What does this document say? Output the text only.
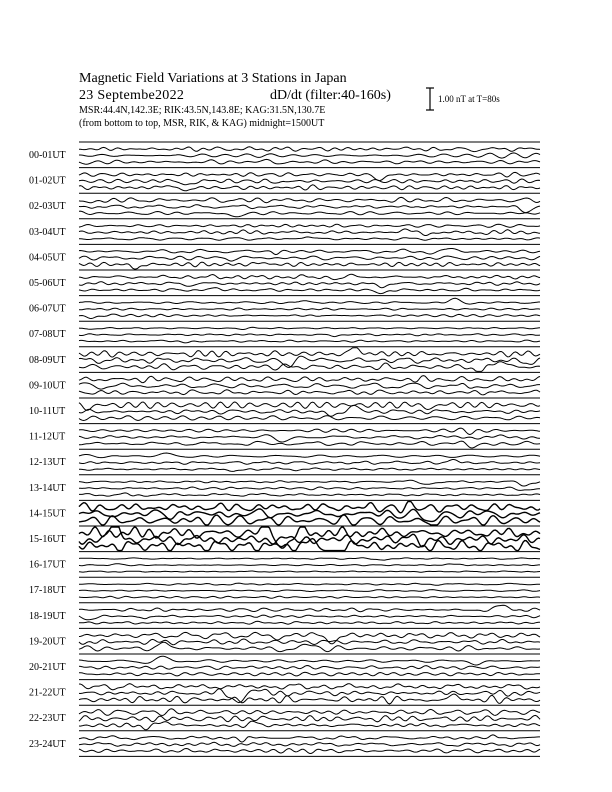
Magnetic Field Variations at 3 Stations in Japan
23 Septembe2022	dD/dt (filter:40-160s)
MSR:44.4N,142.3E; RIK:43.5N,143.8E; KAG:31.5N,130.7E
(from bottom to top, MSR, RIK, & KAG) midnight=1500UT
1.00 nT at T=80s
00-01UT
01-02UT
02-03UT
03-04UT
04-05UT
05-06UT
06-07UT
07-08UT
08-09UT
09-10UT
10-11UT
11-12UT
12-13UT
13-14UT
14-15UT
15-16UT
16-17UT
17-18UT
18-19UT
19-20UT
20-21UT
21-22UT
22-23UT
23-24UT
